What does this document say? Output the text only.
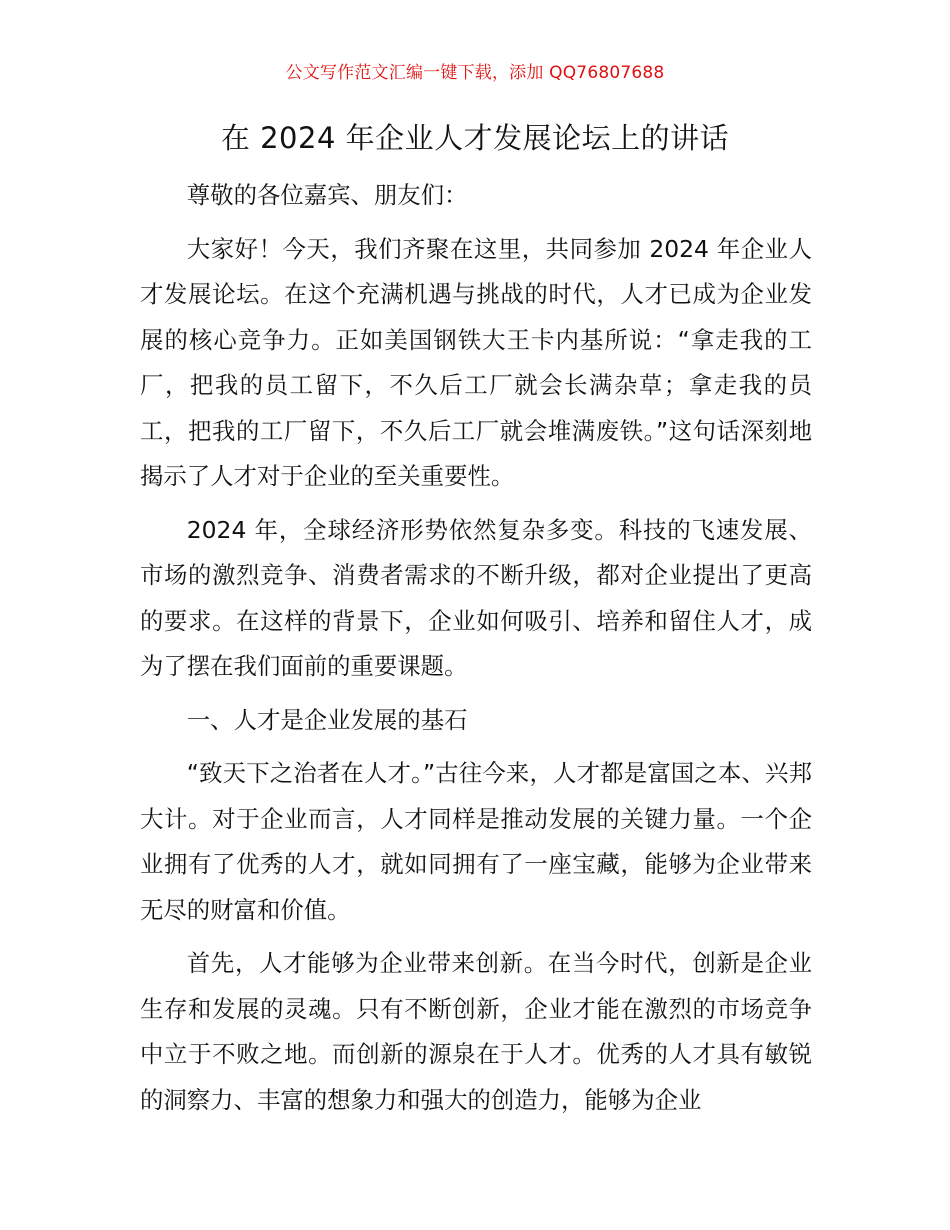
公文写作范文汇编一键下载，添加 QQ76807688
在 2024 年企业人才发展论坛上的讲话

尊敬的各位嘉宾、朋友们：

大家好！今天，我们齐聚在这里，共同参加 2024 年企业人才发展论坛。在这个充满机遇与挑战的时代，人才已成为企业发展的核心竞争力。正如美国钢铁大王卡内基所说：“拿走我的工厂，把我的员工留下，不久后工厂就会长满杂草；拿走我的员工，把我的工厂留下，不久后工厂就会堆满废铁。”这句话深刻地揭示了人才对于企业的至关重要性。

2024 年，全球经济形势依然复杂多变。科技的飞速发展、市场的激烈竞争、消费者需求的不断升级，都对企业提出了更高的要求。在这样的背景下，企业如何吸引、培养和留住人才，成为了摆在我们面前的重要课题。

一、人才是企业发展的基石

“致天下之治者在人才。”古往今来，人才都是富国之本、兴邦大计。对于企业而言，人才同样是推动发展的关键力量。一个企业拥有了优秀的人才，就如同拥有了一座宝藏，能够为企业带来无尽的财富和价值。

首先，人才能够为企业带来创新。在当今时代，创新是企业生存和发展的灵魂。只有不断创新，企业才能在激烈的市场竞争中立于不败之地。而创新的源泉在于人才。优秀的人才具有敏锐的洞察力、丰富的想象力和强大的创造力，能够为企业
